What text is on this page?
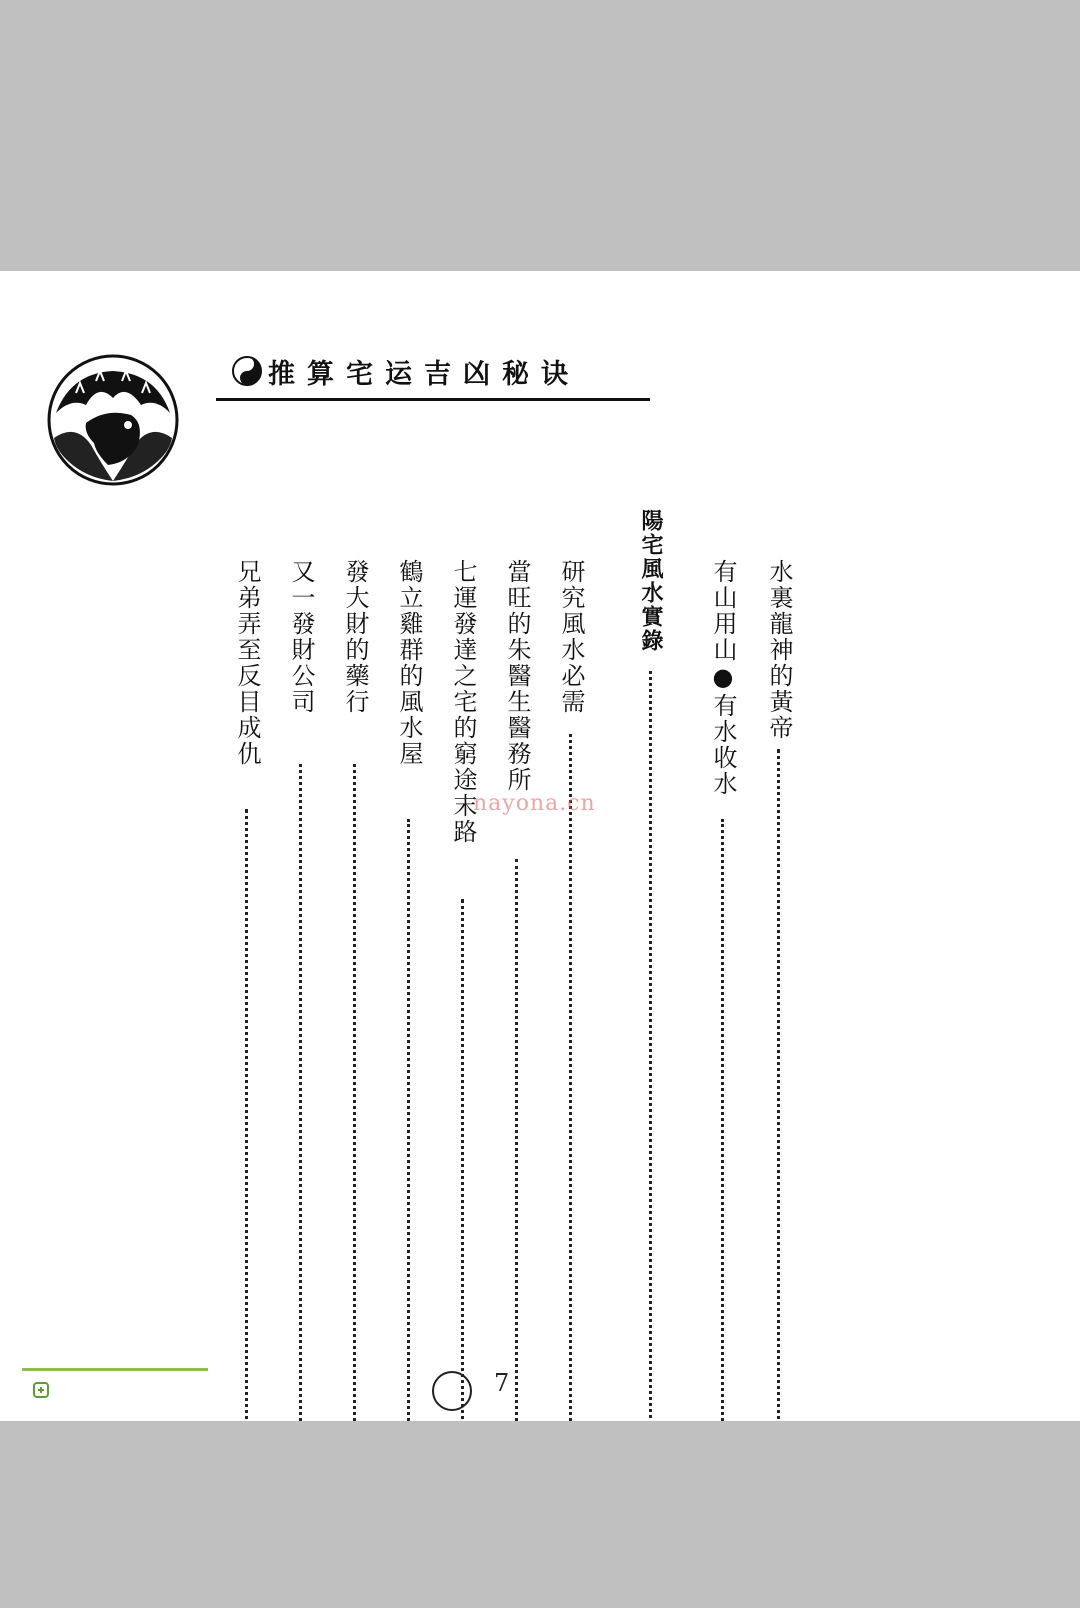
推算宅运吉凶秘诀
水裏龍神的黃帝
有山用山●有水收水
陽宅風水實錄
研究風水必需
當旺的朱醫生醫務所
七運發達之宅的窮途末路
鶴立雞群的風水屋
發大財的藥行
又一發財公司
兄弟弄至反目成仇
nayona.cn
7
